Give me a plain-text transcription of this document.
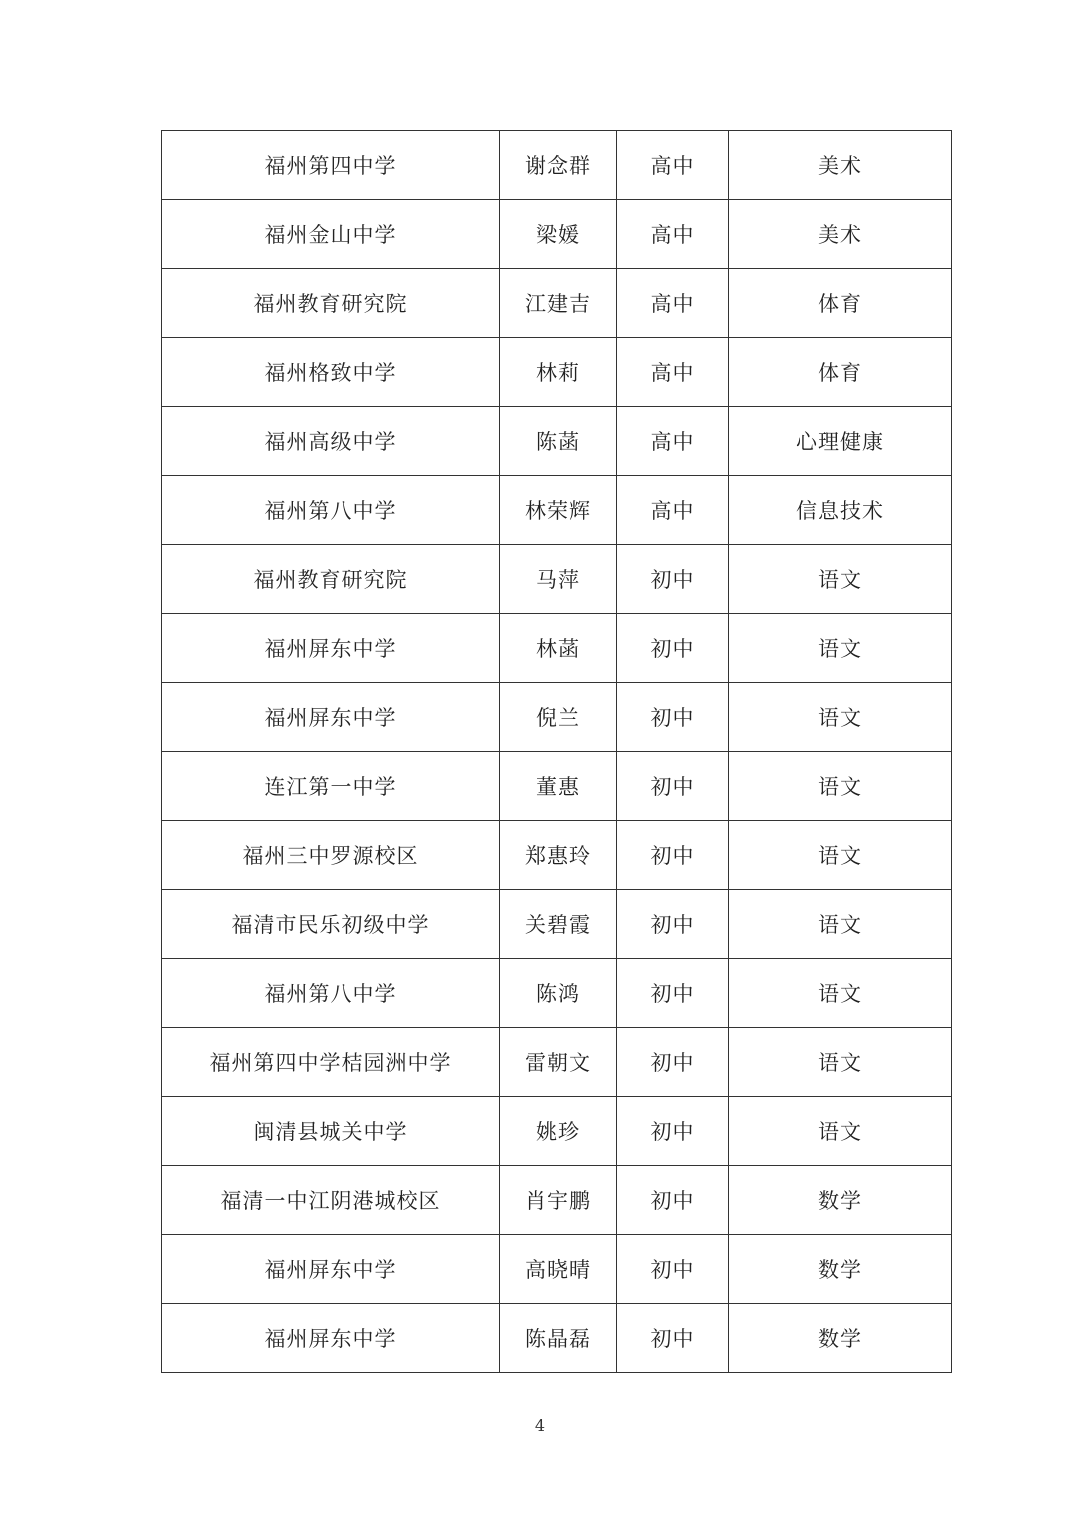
福州第四中学	谢念群	高中	美术
福州金山中学	梁媛	高中	美术
福州教育研究院	江建吉	高中	体育
福州格致中学	林莉	高中	体育
福州高级中学	陈菡	高中	心理健康
福州第八中学	林荣辉	高中	信息技术
福州教育研究院	马萍	初中	语文
福州屏东中学	林菡	初中	语文
福州屏东中学	倪兰	初中	语文
连江第一中学	董惠	初中	语文
福州三中罗源校区	郑惠玲	初中	语文
福清市民乐初级中学	关碧霞	初中	语文
福州第八中学	陈鸿	初中	语文
福州第四中学桔园洲中学	雷朝文	初中	语文
闽清县城关中学	姚珍	初中	语文
福清一中江阴港城校区	肖宇鹏	初中	数学
福州屏东中学	高晓晴	初中	数学
福州屏东中学	陈晶磊	初中	数学
4
